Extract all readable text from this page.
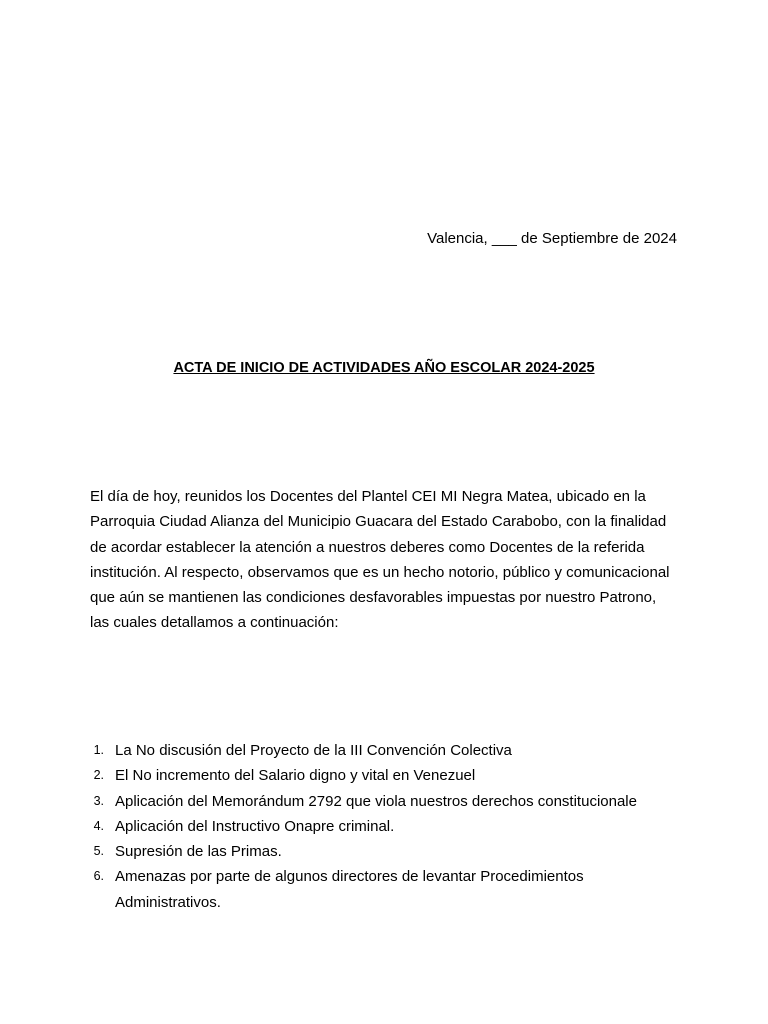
Valencia, ___ de Septiembre de 2024
ACTA DE INICIO DE ACTIVIDADES AÑO ESCOLAR 2024-2025

El día de hoy, reunidos los Docentes del Plantel CEI MI Negra Matea, ubicado en la
Parroquia Ciudad Alianza del Municipio Guacara del Estado Carabobo, con la finalidad
de acordar establecer la atención a nuestros deberes como Docentes de la referida
institución. Al respecto, observamos que es un hecho notorio, público y comunicacional
que aún se mantienen las condiciones desfavorables impuestas por nuestro Patrono,
las cuales detallamos a continuación:

1. La No discusión del Proyecto de la III Convención Colectiva
2. El No incremento del Salario digno y vital en Venezuel
3. Aplicación del Memorándum 2792 que viola nuestros derechos constitucionale
4. Aplicación del Instructivo Onapre criminal.
5. Supresión de las Primas.
6. Amenazas por parte de algunos directores de levantar Procedimientos
Administrativos.
